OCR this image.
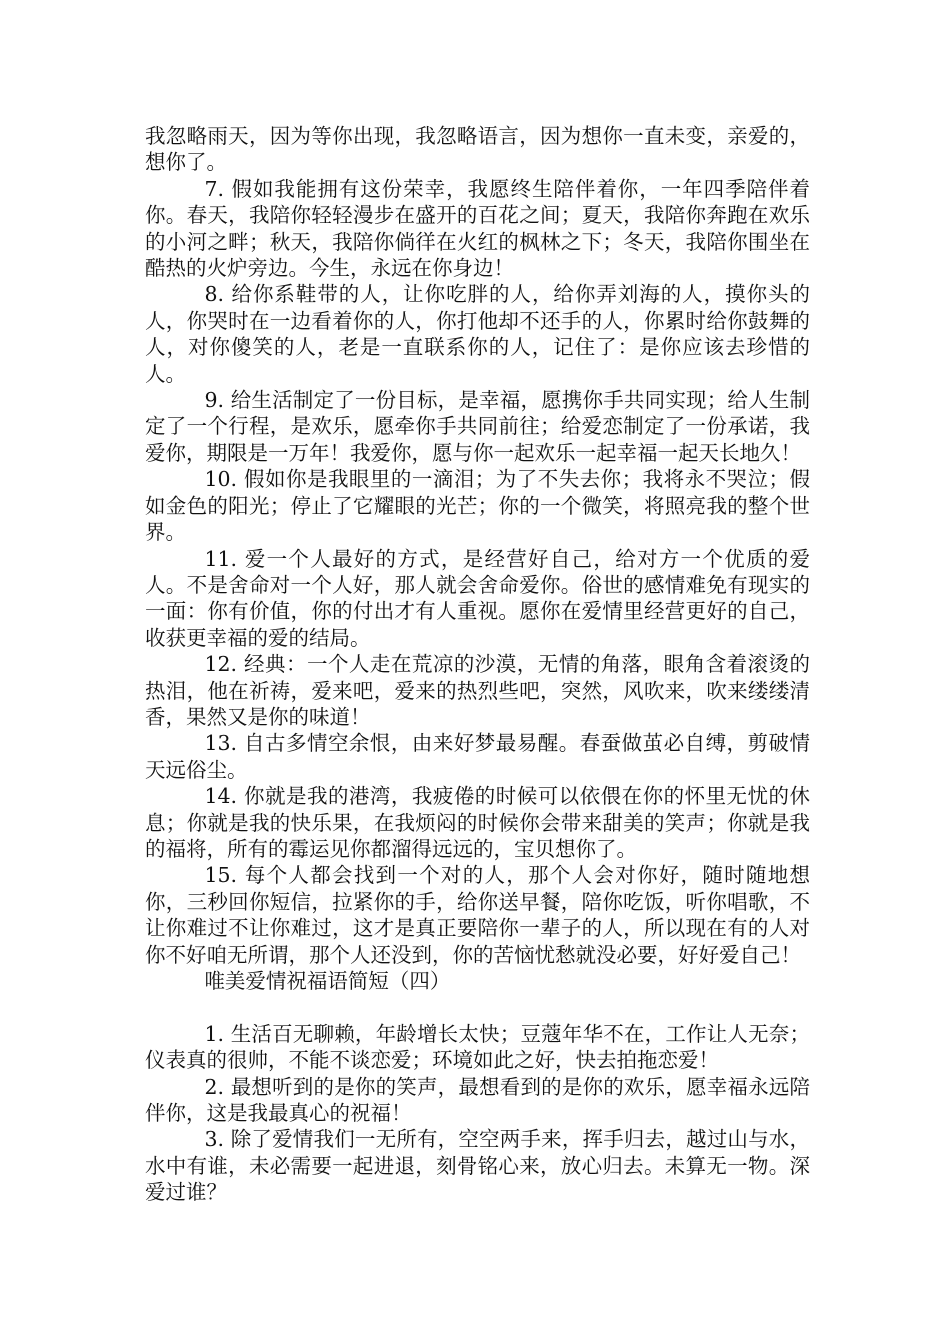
我忽略雨天，因为等你出现，我忽略语言，因为想你一直未变，亲爱的，想你了。

7. 假如我能拥有这份荣幸，我愿终生陪伴着你，一年四季陪伴着你。春天，我陪你轻轻漫步在盛开的百花之间；夏天，我陪你奔跑在欢乐的小河之畔；秋天，我陪你倘徉在火红的枫林之下；冬天，我陪你围坐在酷热的火炉旁边。今生，永远在你身边！

8. 给你系鞋带的人，让你吃胖的人，给你弄刘海的人，摸你头的人，你哭时在一边看着你的人，你打他却不还手的人，你累时给你鼓舞的人，对你傻笑的人，老是一直联系你的人，记住了：是你应该去珍惜的人。

9. 给生活制定了一份目标，是幸福，愿携你手共同实现；给人生制定了一个行程，是欢乐，愿牵你手共同前往；给爱恋制定了一份承诺，我爱你，期限是一万年！我爱你，愿与你一起欢乐一起幸福一起天长地久！

10. 假如你是我眼里的一滴泪；为了不失去你；我将永不哭泣；假如金色的阳光；停止了它耀眼的光芒；你的一个微笑，将照亮我的整个世界。

11. 爱一个人最好的方式，是经营好自己，给对方一个优质的爱人。不是舍命对一个人好，那人就会舍命爱你。俗世的感情难免有现实的一面：你有价值，你的付出才有人重视。愿你在爱情里经营更好的自己，收获更幸福的爱的结局。

12. 经典：一个人走在荒凉的沙漠，无情的角落，眼角含着滚烫的热泪，他在祈祷，爱来吧，爱来的热烈些吧，突然，风吹来，吹来缕缕清香，果然又是你的味道！

13. 自古多情空余恨，由来好梦最易醒。春蚕做茧必自缚，剪破情天远俗尘。

14. 你就是我的港湾，我疲倦的时候可以依偎在你的怀里无忧的休息；你就是我的快乐果，在我烦闷的时候你会带来甜美的笑声；你就是我的福将，所有的霉运见你都溜得远远的，宝贝想你了。

15. 每个人都会找到一个对的人，那个人会对你好，随时随地想你，三秒回你短信，拉紧你的手，给你送早餐，陪你吃饭，听你唱歌，不让你难过不让你难过，这才是真正要陪你一辈子的人，所以现在有的人对你不好咱无所谓，那个人还没到，你的苦恼忧愁就没必要，好好爱自己！

唯美爱情祝福语简短（四）

1. 生活百无聊赖，年龄增长太快；豆蔻年华不在，工作让人无奈；仪表真的很帅，不能不谈恋爱；环境如此之好，快去拍拖恋爱！

2. 最想听到的是你的笑声，最想看到的是你的欢乐，愿幸福永远陪伴你，这是我最真心的祝福！

3. 除了爱情我们一无所有，空空两手来，挥手归去，越过山与水，水中有谁，未必需要一起进退，刻骨铭心来，放心归去。未算无一物。深爱过谁？
